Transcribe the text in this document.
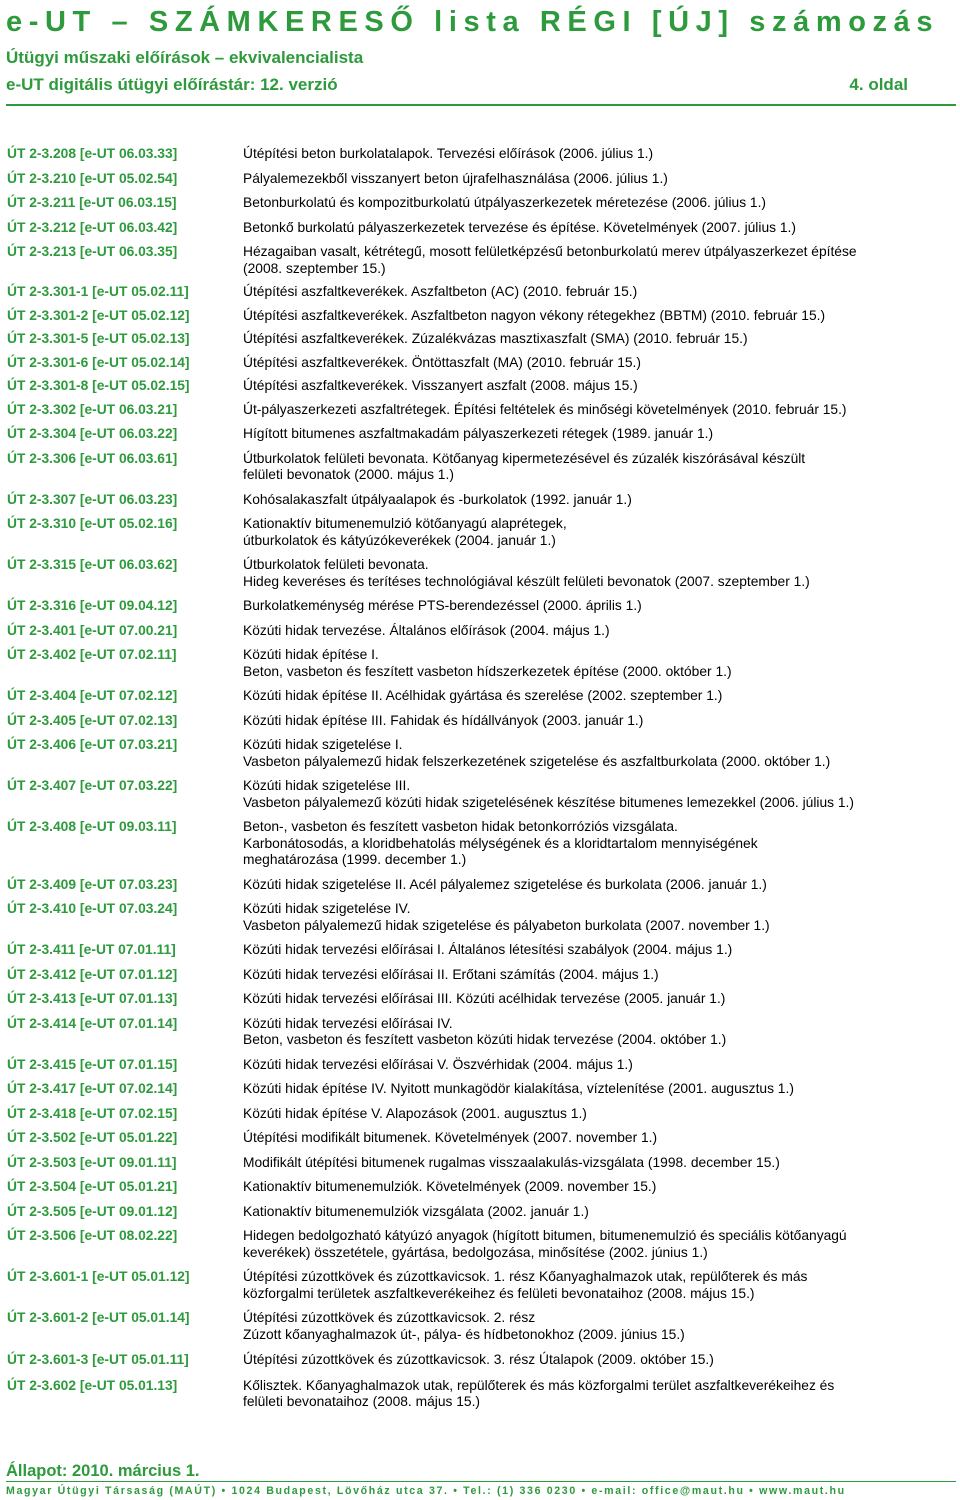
e-UT – SZÁMKERESŐ lista RÉGI [ÚJ] számozás
Útügyi műszaki előírások – ekvivalencialista
e-UT digitális útügyi előírástár: 12. verzió	4. oldal
ÚT 2-3.208 [e-UT 06.03.33]	Útépítési beton burkolatalapok. Tervezési előírások (2006. július 1.)
ÚT 2-3.210 [e-UT 05.02.54]	Pályalemezekből visszanyert beton újrafelhasználása (2006. július 1.)
ÚT 2-3.211 [e-UT 06.03.15]	Betonburkolatú és kompozitburkolatú útpályaszerkezetek méretezése (2006. július 1.)
ÚT 2-3.212 [e-UT 06.03.42]	Betonkő burkolatú pályaszerkezetek tervezése és építése. Követelmények (2007. július 1.)
ÚT 2-3.213 [e-UT 06.03.35]	Hézagaiban vasalt, kétrétegű, mosott felületképzésű betonburkolatú merev útpályaszerkezet építése
(2008. szeptember 15.)
ÚT 2-3.301-1 [e-UT 05.02.11]	Útépítési aszfaltkeverékek. Aszfaltbeton (AC) (2010. február 15.)
ÚT 2-3.301-2 [e-UT 05.02.12]	Útépítési aszfaltkeverékek. Aszfaltbeton nagyon vékony rétegekhez (BBTM) (2010. február 15.)
ÚT 2-3.301-5 [e-UT 05.02.13]	Útépítési aszfaltkeverékek. Zúzalékvázas masztixaszfalt (SMA) (2010. február 15.)
ÚT 2-3.301-6 [e-UT 05.02.14]	Útépítési aszfaltkeverékek. Öntöttaszfalt (MA) (2010. február 15.)
ÚT 2-3.301-8 [e-UT 05.02.15]	Útépítési aszfaltkeverékek. Visszanyert aszfalt (2008. május 15.)
ÚT 2-3.302 [e-UT 06.03.21]	Út-pályaszerkezeti aszfaltrétegek. Építési feltételek és minőségi követelmények (2010. február 15.)
ÚT 2-3.304 [e-UT 06.03.22]	Hígított bitumenes aszfaltmakadám pályaszerkezeti rétegek (1989. január 1.)
ÚT 2-3.306 [e-UT 06.03.61]	Útburkolatok felületi bevonata. Kötőanyag kipermetezésével és zúzalék kiszórásával készült
felületi bevonatok (2000. május 1.)
ÚT 2-3.307 [e-UT 06.03.23]	Kohósalakaszfalt útpályaalapok és -burkolatok (1992. január 1.)
ÚT 2-3.310 [e-UT 05.02.16]	Kationaktív bitumenemulzió kötőanyagú alaprétegek,
útburkolatok és kátyúzókeverékek (2004. január 1.)
ÚT 2-3.315 [e-UT 06.03.62]	Útburkolatok felületi bevonata.
Hideg keveréses és terítéses technológiával készült felületi bevonatok (2007. szeptember 1.)
ÚT 2-3.316 [e-UT 09.04.12]	Burkolatkeménység mérése PTS-berendezéssel (2000. április 1.)
ÚT 2-3.401 [e-UT 07.00.21]	Közúti hidak tervezése. Általános előírások (2004. május 1.)
ÚT 2-3.402 [e-UT 07.02.11]	Közúti hidak építése I.
Beton, vasbeton és feszített vasbeton hídszerkezetek építése (2000. október 1.)
ÚT 2-3.404 [e-UT 07.02.12]	Közúti hidak építése II. Acélhidak gyártása és szerelése (2002. szeptember 1.)
ÚT 2-3.405 [e-UT 07.02.13]	Közúti hidak építése III. Fahidak és hídállványok (2003. január 1.)
ÚT 2-3.406 [e-UT 07.03.21]	Közúti hidak szigetelése I.
Vasbeton pályalemezű hidak felszerkezetének szigetelése és aszfaltburkolata (2000. október 1.)
ÚT 2-3.407 [e-UT 07.03.22]	Közúti hidak szigetelése III.
Vasbeton pályalemezű közúti hidak szigetelésének készítése bitumenes lemezekkel (2006. július 1.)
ÚT 2-3.408 [e-UT 09.03.11]	Beton-, vasbeton és feszített vasbeton hidak betonkorróziós vizsgálata.
Karbonátosodás, a kloridbehatolás mélységének és a kloridtartalom mennyiségének
meghatározása (1999. december 1.)
ÚT 2-3.409 [e-UT 07.03.23]	Közúti hidak szigetelése II. Acél pályalemez szigetelése és burkolata (2006. január 1.)
ÚT 2-3.410 [e-UT 07.03.24]	Közúti hidak szigetelése IV.
Vasbeton pályalemezű hidak szigetelése és pályabeton burkolata (2007. november 1.)
ÚT 2-3.411 [e-UT 07.01.11]	Közúti hidak tervezési előírásai I. Általános létesítési szabályok (2004. május 1.)
ÚT 2-3.412 [e-UT 07.01.12]	Közúti hidak tervezési előírásai II. Erőtani számítás (2004. május 1.)
ÚT 2-3.413 [e-UT 07.01.13]	Közúti hidak tervezési előírásai III. Közúti acélhidak tervezése (2005. január 1.)
ÚT 2-3.414 [e-UT 07.01.14]	Közúti hidak tervezési előírásai IV.
Beton, vasbeton és feszített vasbeton közúti hidak tervezése (2004. október 1.)
ÚT 2-3.415 [e-UT 07.01.15]	Közúti hidak tervezési előírásai V. Öszvérhidak (2004. május 1.)
ÚT 2-3.417 [e-UT 07.02.14]	Közúti hidak építése IV. Nyitott munkagödör kialakítása, víztelenítése (2001. augusztus 1.)
ÚT 2-3.418 [e-UT 07.02.15]	Közúti hidak építése V. Alapozások (2001. augusztus 1.)
ÚT 2-3.502 [e-UT 05.01.22]	Útépítési modifikált bitumenek. Követelmények (2007. november 1.)
ÚT 2-3.503 [e-UT 09.01.11]	Modifikált útépítési bitumenek rugalmas visszaalakulás-vizsgálata (1998. december 15.)
ÚT 2-3.504 [e-UT 05.01.21]	Kationaktív bitumenemulziók. Követelmények (2009. november 15.)
ÚT 2-3.505 [e-UT 09.01.12]	Kationaktív bitumenemulziók vizsgálata (2002. január 1.)
ÚT 2-3.506 [e-UT 08.02.22]	Hidegen bedolgozható kátyúzó anyagok (hígított bitumen, bitumenemulzió és speciális kötőanyagú
keverékek) összetétele, gyártása, bedolgozása, minősítése (2002. június 1.)
ÚT 2-3.601-1 [e-UT 05.01.12]	Útépítési zúzottkövek és zúzottkavicsok. 1. rész Kőanyaghalmazok utak, repülőterek és más
közforgalmi területek aszfaltkeverékeihez és felületi bevonataihoz (2008. május 15.)
ÚT 2-3.601-2 [e-UT 05.01.14]	Útépítési zúzottkövek és zúzottkavicsok. 2. rész
Zúzott kőanyaghalmazok út-, pálya- és hídbetonokhoz (2009. június 15.)
ÚT 2-3.601-3 [e-UT 05.01.11]	Útépítési zúzottkövek és zúzottkavicsok. 3. rész Útalapok (2009. október 15.)
ÚT 2-3.602 [e-UT 05.01.13]	Kőlisztek. Kőanyaghalmazok utak, repülőterek és más közforgalmi terület aszfaltkeverékeihez és
felületi bevonataihoz (2008. május 15.)
Állapot: 2010. március 1.
Magyar Útügyi Társaság (MAÚT) • 1024 Budapest, Lövőház utca 37. • Tel.: (1) 336 0230 • e-mail: office@maut.hu • www.maut.hu
